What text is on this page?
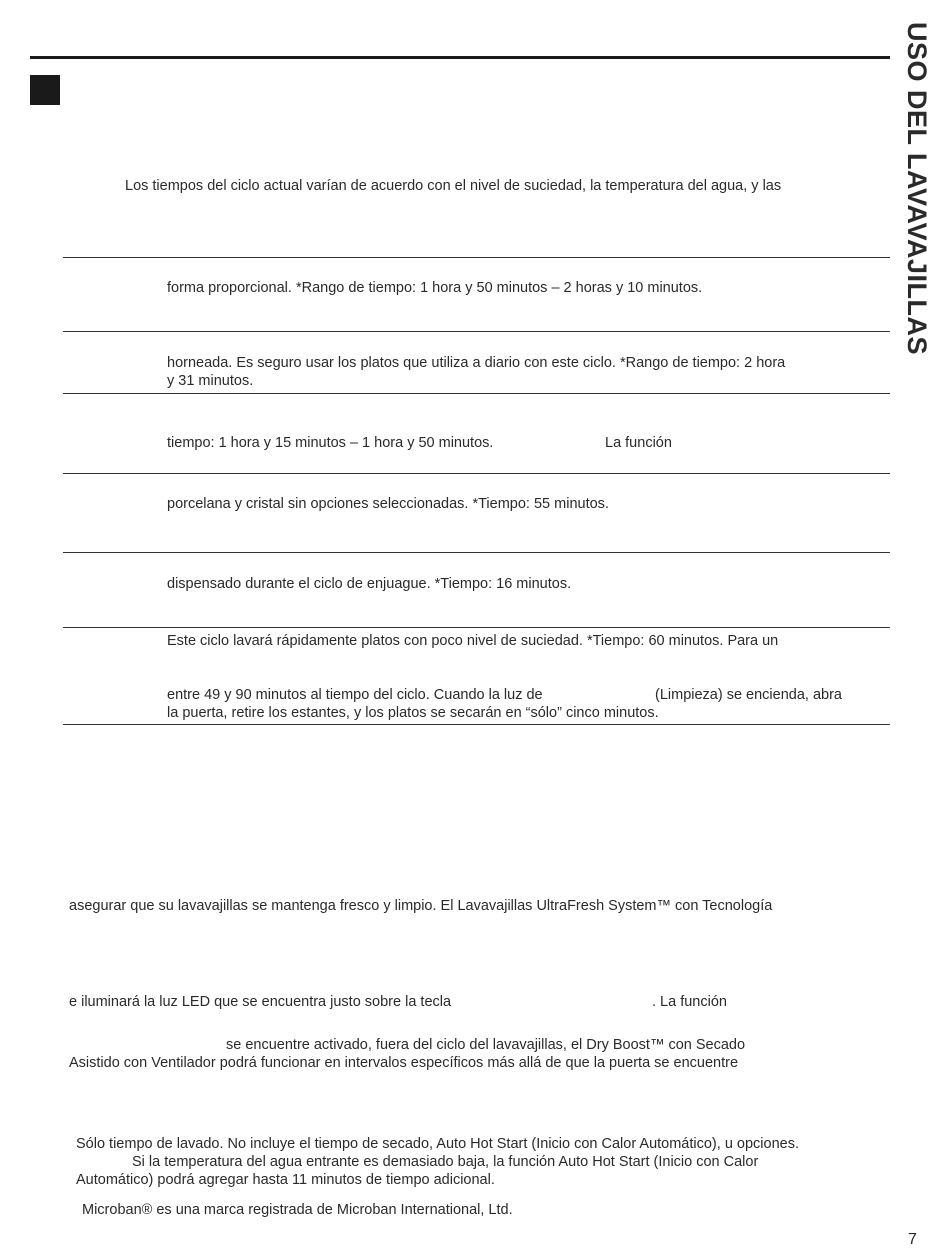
USO DEL LAVAVAJILLAS
Los tiempos del ciclo actual varían de acuerdo con el nivel de suciedad, la temperatura del agua, y las
forma proporcional. *Rango de tiempo: 1 hora y 50 minutos – 2 horas y 10 minutos.
horneada. Es seguro usar los platos que utiliza a diario con este ciclo. *Rango de tiempo: 2 hora
y 31 minutos.
tiempo: 1 hora y 15 minutos – 1 hora y 50 minutos.	La función
porcelana y cristal sin opciones seleccionadas. *Tiempo: 55 minutos.
dispensado durante el ciclo de enjuague. *Tiempo: 16 minutos.
Este ciclo lavará rápidamente platos con poco nivel de suciedad. *Tiempo: 60 minutos. Para un
entre 49 y 90 minutos al tiempo del ciclo. Cuando la luz de	(Limpieza) se encienda, abra
la puerta, retire los estantes, y los platos se secarán en “sólo” cinco minutos.
asegurar que su lavavajillas se mantenga fresco y limpio. El Lavavajillas UltraFresh System™ con Tecnología
e iluminará la luz LED que se encuentra justo sobre la tecla	. La función
se encuentre activado, fuera del ciclo del lavavajillas, el Dry Boost™ con Secado
Asistido con Ventilador podrá funcionar en intervalos específicos más allá de que la puerta se encuentre
Sólo tiempo de lavado. No incluye el tiempo de secado, Auto Hot Start (Inicio con Calor Automático), u opciones.
Si la temperatura del agua entrante es demasiado baja, la función Auto Hot Start (Inicio con Calor
Automático) podrá agregar hasta 11 minutos de tiempo adicional.
Microban® es una marca registrada de Microban International, Ltd.
7
